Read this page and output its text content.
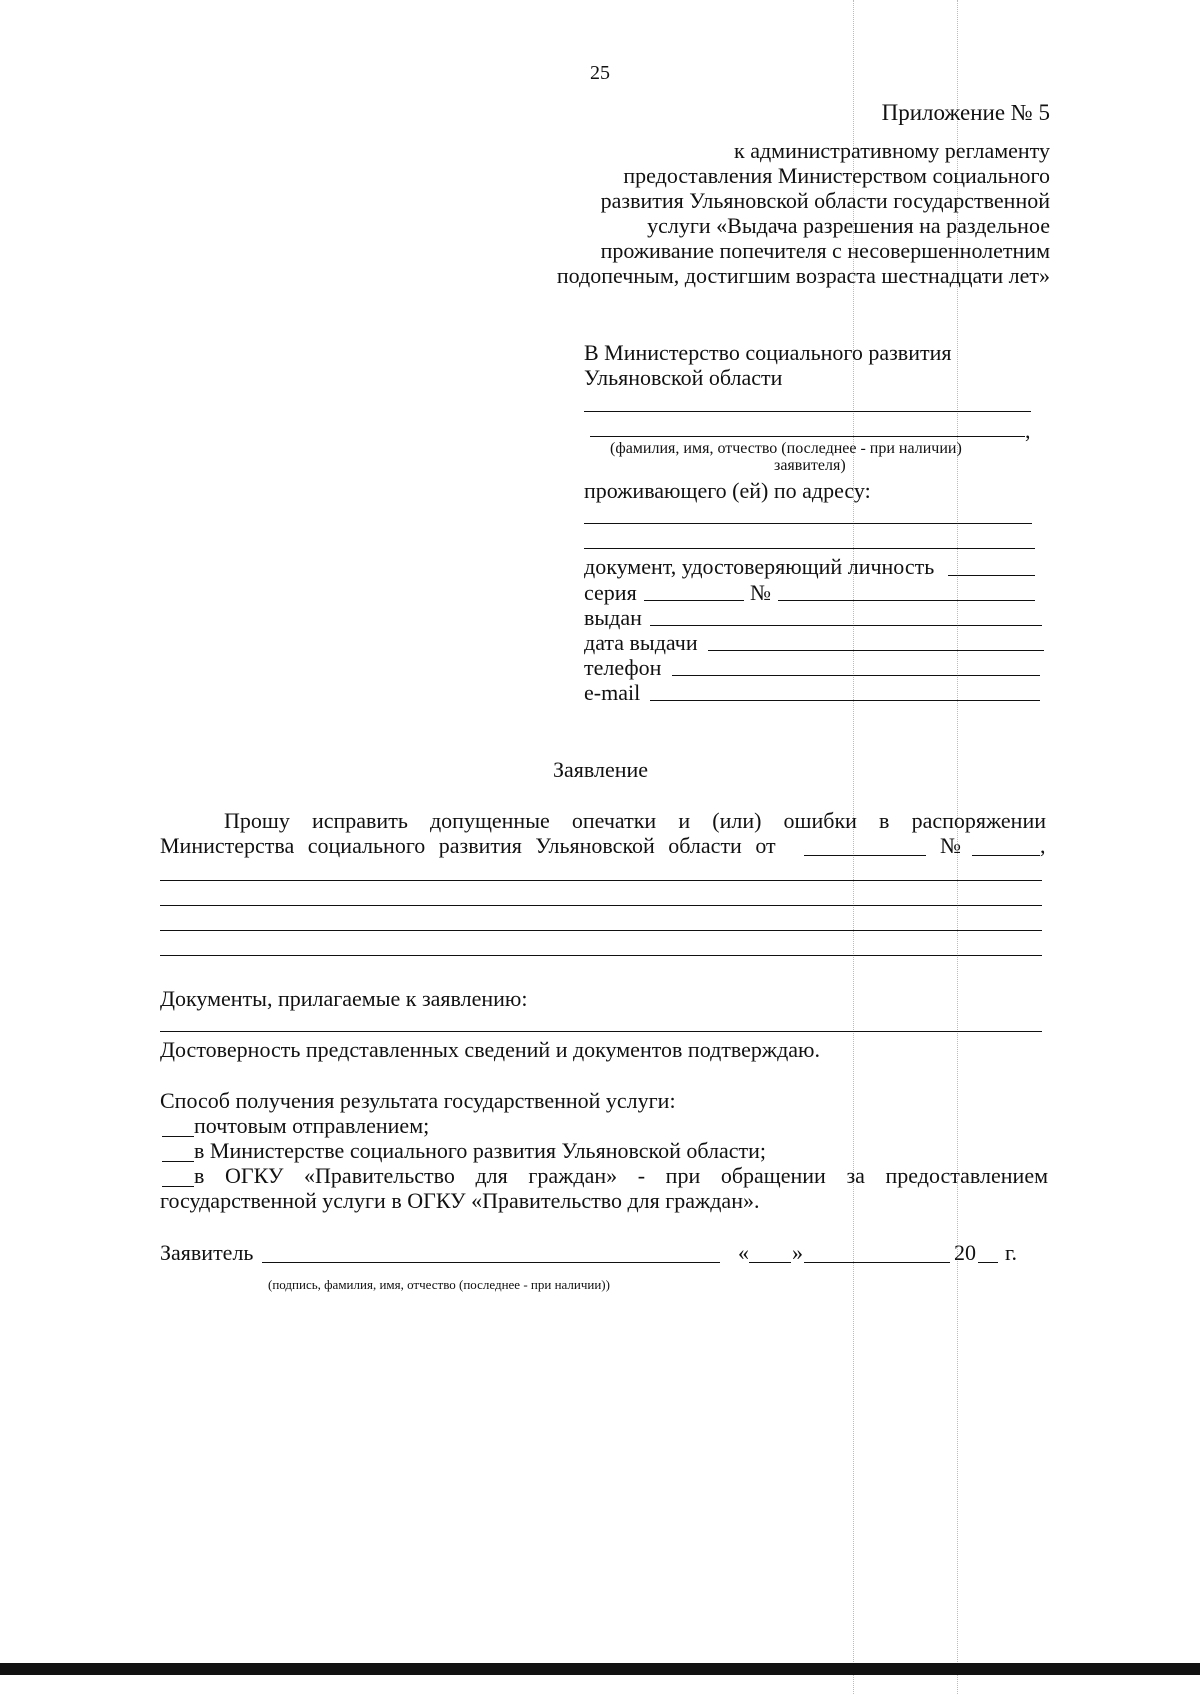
25
Приложение № 5
к административному регламенту
предоставления Министерством социального
развития Ульяновской области государственной
услуги «Выдача разрешения на раздельное
проживание попечителя с несовершеннолетним
подопечным, достигшим возраста шестнадцати лет»
В Министерство социального развития
Ульяновской области
,
(фамилия, имя, отчество (последнее - при наличии)
заявителя)
проживающего (ей) по адресу:
документ, удостоверяющий личность
серия	№
выдан
дата выдачи
телефон
e-mail
Заявление
Прошу исправить допущенные опечатки и (или) ошибки в распоряжении
Министерства социального развития Ульяновской области от	№	,
Документы, прилагаемые к заявлению:
Достоверность представленных сведений и документов подтверждаю.
Способ получения результата государственной услуги:
почтовым отправлением;
в Министерстве социального развития Ульяновской области;
в ОГКУ «Правительство для граждан» - при обращении за предоставлением
государственной услуги в ОГКУ «Правительство для граждан».
Заявитель	« »	20 г.
(подпись, фамилия, имя, отчество (последнее - при наличии))
